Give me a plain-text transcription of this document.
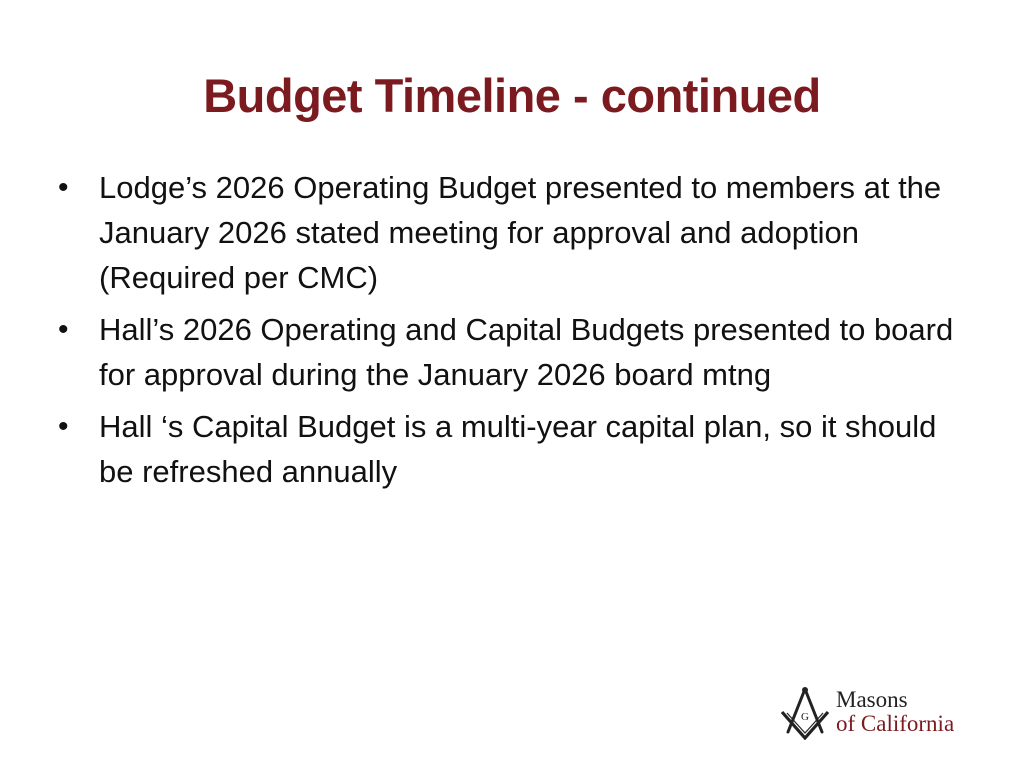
Budget Timeline - continued
• Lodge’s 2026 Operating Budget presented to members at the January 2026 stated meeting for approval and adoption (Required per CMC)
• Hall’s 2026 Operating and Capital Budgets presented to board for approval during the January 2026 board mtng
• Hall ‘s Capital Budget is a multi-year capital plan, so it should be refreshed annually
G
Masons
of California
